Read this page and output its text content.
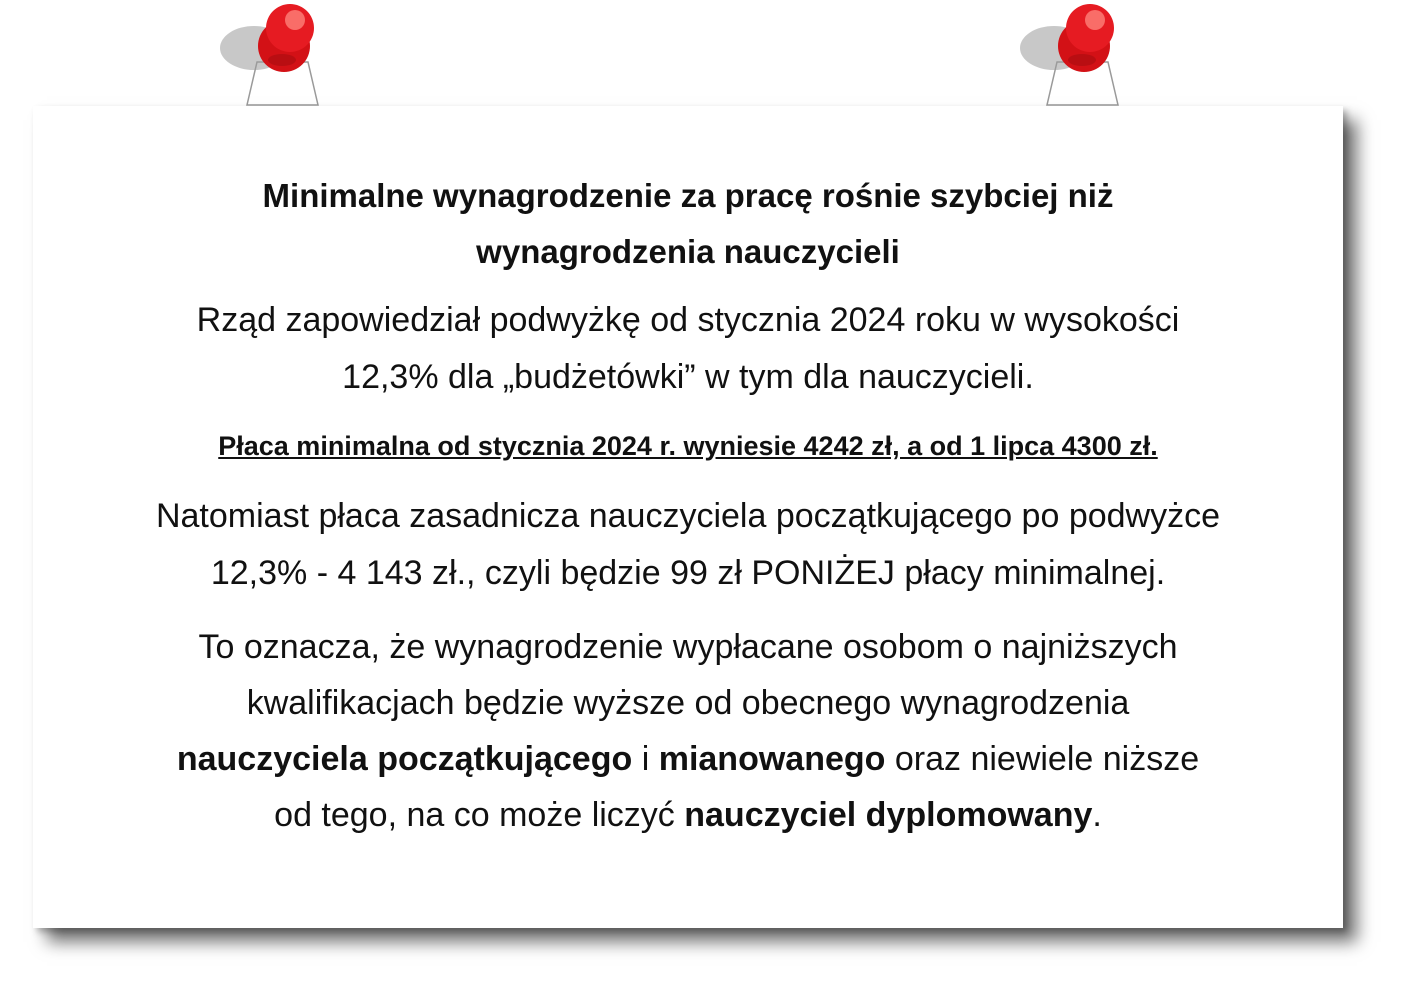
Minimalne wynagrodzenie za pracę rośnie szybciej niż
wynagrodzenia nauczycieli

Rząd zapowiedział podwyżkę od stycznia 2024 roku w wysokości
12,3% dla „budżetówki” w tym dla nauczycieli.

Płaca minimalna od stycznia 2024 r. wyniesie 4242 zł, a od 1 lipca 4300 zł.

Natomiast płaca zasadnicza nauczyciela początkującego po podwyżce
12,3% - 4 143 zł., czyli będzie 99 zł PONIŻEJ płacy minimalnej.

To oznacza, że wynagrodzenie wypłacane osobom o najniższych
kwalifikacjach będzie wyższe od obecnego wynagrodzenia
nauczyciela początkującego i mianowanego oraz niewiele niższe
od tego, na co może liczyć nauczyciel dyplomowany.
